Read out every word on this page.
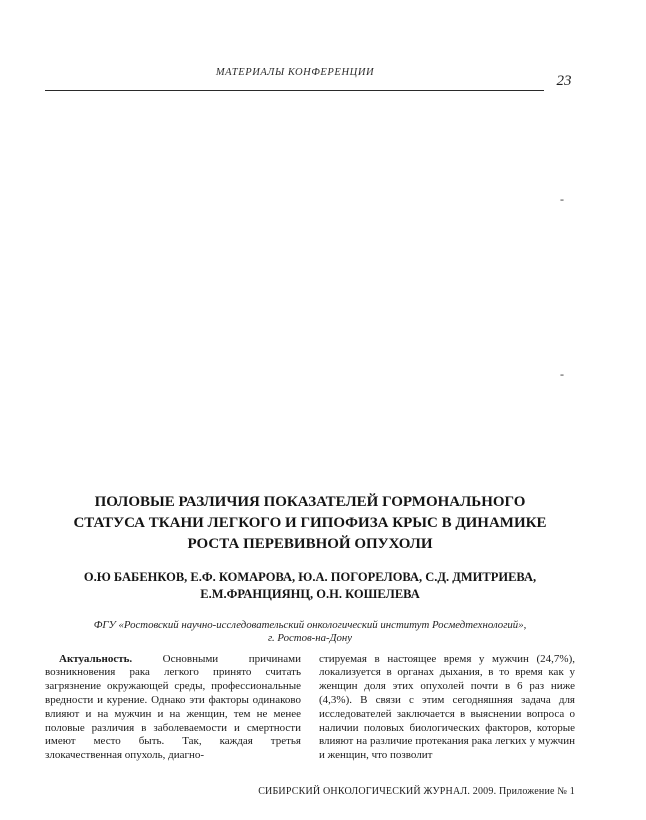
МАТЕРИАЛЫ КОНФЕРЕНЦИИ
23
-
-
ПОЛОВЫЕ РАЗЛИЧИЯ ПОКАЗАТЕЛЕЙ ГОРМОНАЛЬНОГО
СТАТУСА ТКАНИ ЛЕГКОГО И ГИПОФИЗА КРЫС В ДИНАМИКЕ
РОСТА ПЕРЕВИВНОЙ ОПУХОЛИ
О.Ю БАБЕНКОВ, Е.Ф. КОМАРОВА, Ю.А. ПОГОРЕЛОВА, С.Д. ДМИТРИЕВА,
Е.М.ФРАНЦИЯНЦ, О.Н. КОШЕЛЕВА
ФГУ «Ростовский научно-исследовательский онкологический институт Росмедтехнологий»,
г. Ростов-на-Дону

Актуальность. Основными причинами возникновения рака легкого принято считать загрязнение окружающей среды, профессиональные вредности и курение. Однако эти факторы одинаково влияют и на мужчин и на женщин, тем не менее половые различия в заболеваемости и смертности имеют место быть. Так, каждая третья злокачественная опухоль, диагно-

стируемая в настоящее время у мужчин (24,7%), локализуется в органах дыхания, в то время как у женщин доля этих опухолей почти в 6 раз ниже (4,3%). В связи с этим сегодняшняя задача для исследователей заключается в выяснении вопроса о наличии половых биологических факторов, которые влияют на различие протекания рака легких у мужчин и женщин, что позволит

СИБИРСКИЙ ОНКОЛОГИЧЕСКИЙ ЖУРНАЛ. 2009. Приложение № 1
